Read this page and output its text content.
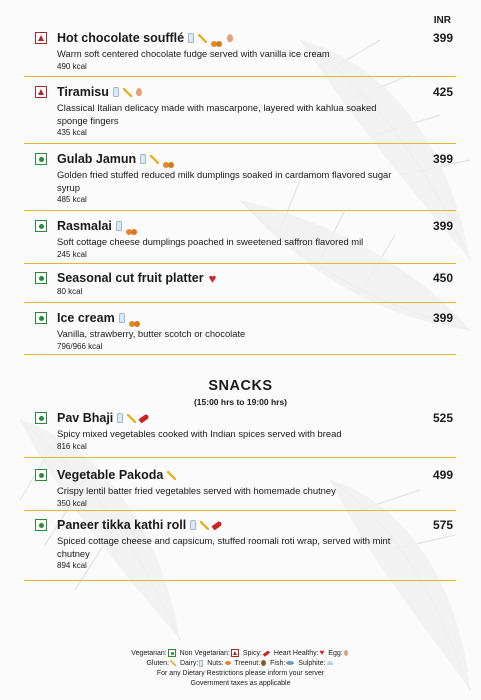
INR
Hot chocolate soufflé	399
Warm soft centered chocolate fudge served with vanilla ice cream
490 kcal
Tiramisu	425
Classical Italian delicacy made with mascarpone, layered with kahlua soaked sponge fingers
435 kcal
Gulab Jamun	399
Golden fried stuffed reduced milk dumplings soaked in cardamom flavored sugar syrup
485 kcal
Rasmalai	399
Soft cottage cheese dumplings poached in sweetened saffron flavored mil
245 kcal
Seasonal cut fruit platter ♥	450
80 kcal
Ice cream	399
Vanilla, strawberry, butter scotch or chocolate
796/966 kcal
SNACKS
(15:00 hrs to 19:00 hrs)
Pav Bhaji	525
Spicy mixed vegetables cooked with Indian spices served with bread
816 kcal
Vegetable Pakoda	499
Crispy lentil batter fried vegetables served with homemade chutney
350 kcal
Paneer tikka kathi roll	575
Spiced cottage cheese and capsicum, stuffed roomali roti wrap, served with mint chutney
894 kcal
Vegetarian: Non Vegetarian: Spicy: Heart Healthy:♥ Egg:
Gluten: Dairy: Nuts: Treenut: Fish: Sulphite:
For any Dietary Restrictions please inform your server
Government taxes as applicable
